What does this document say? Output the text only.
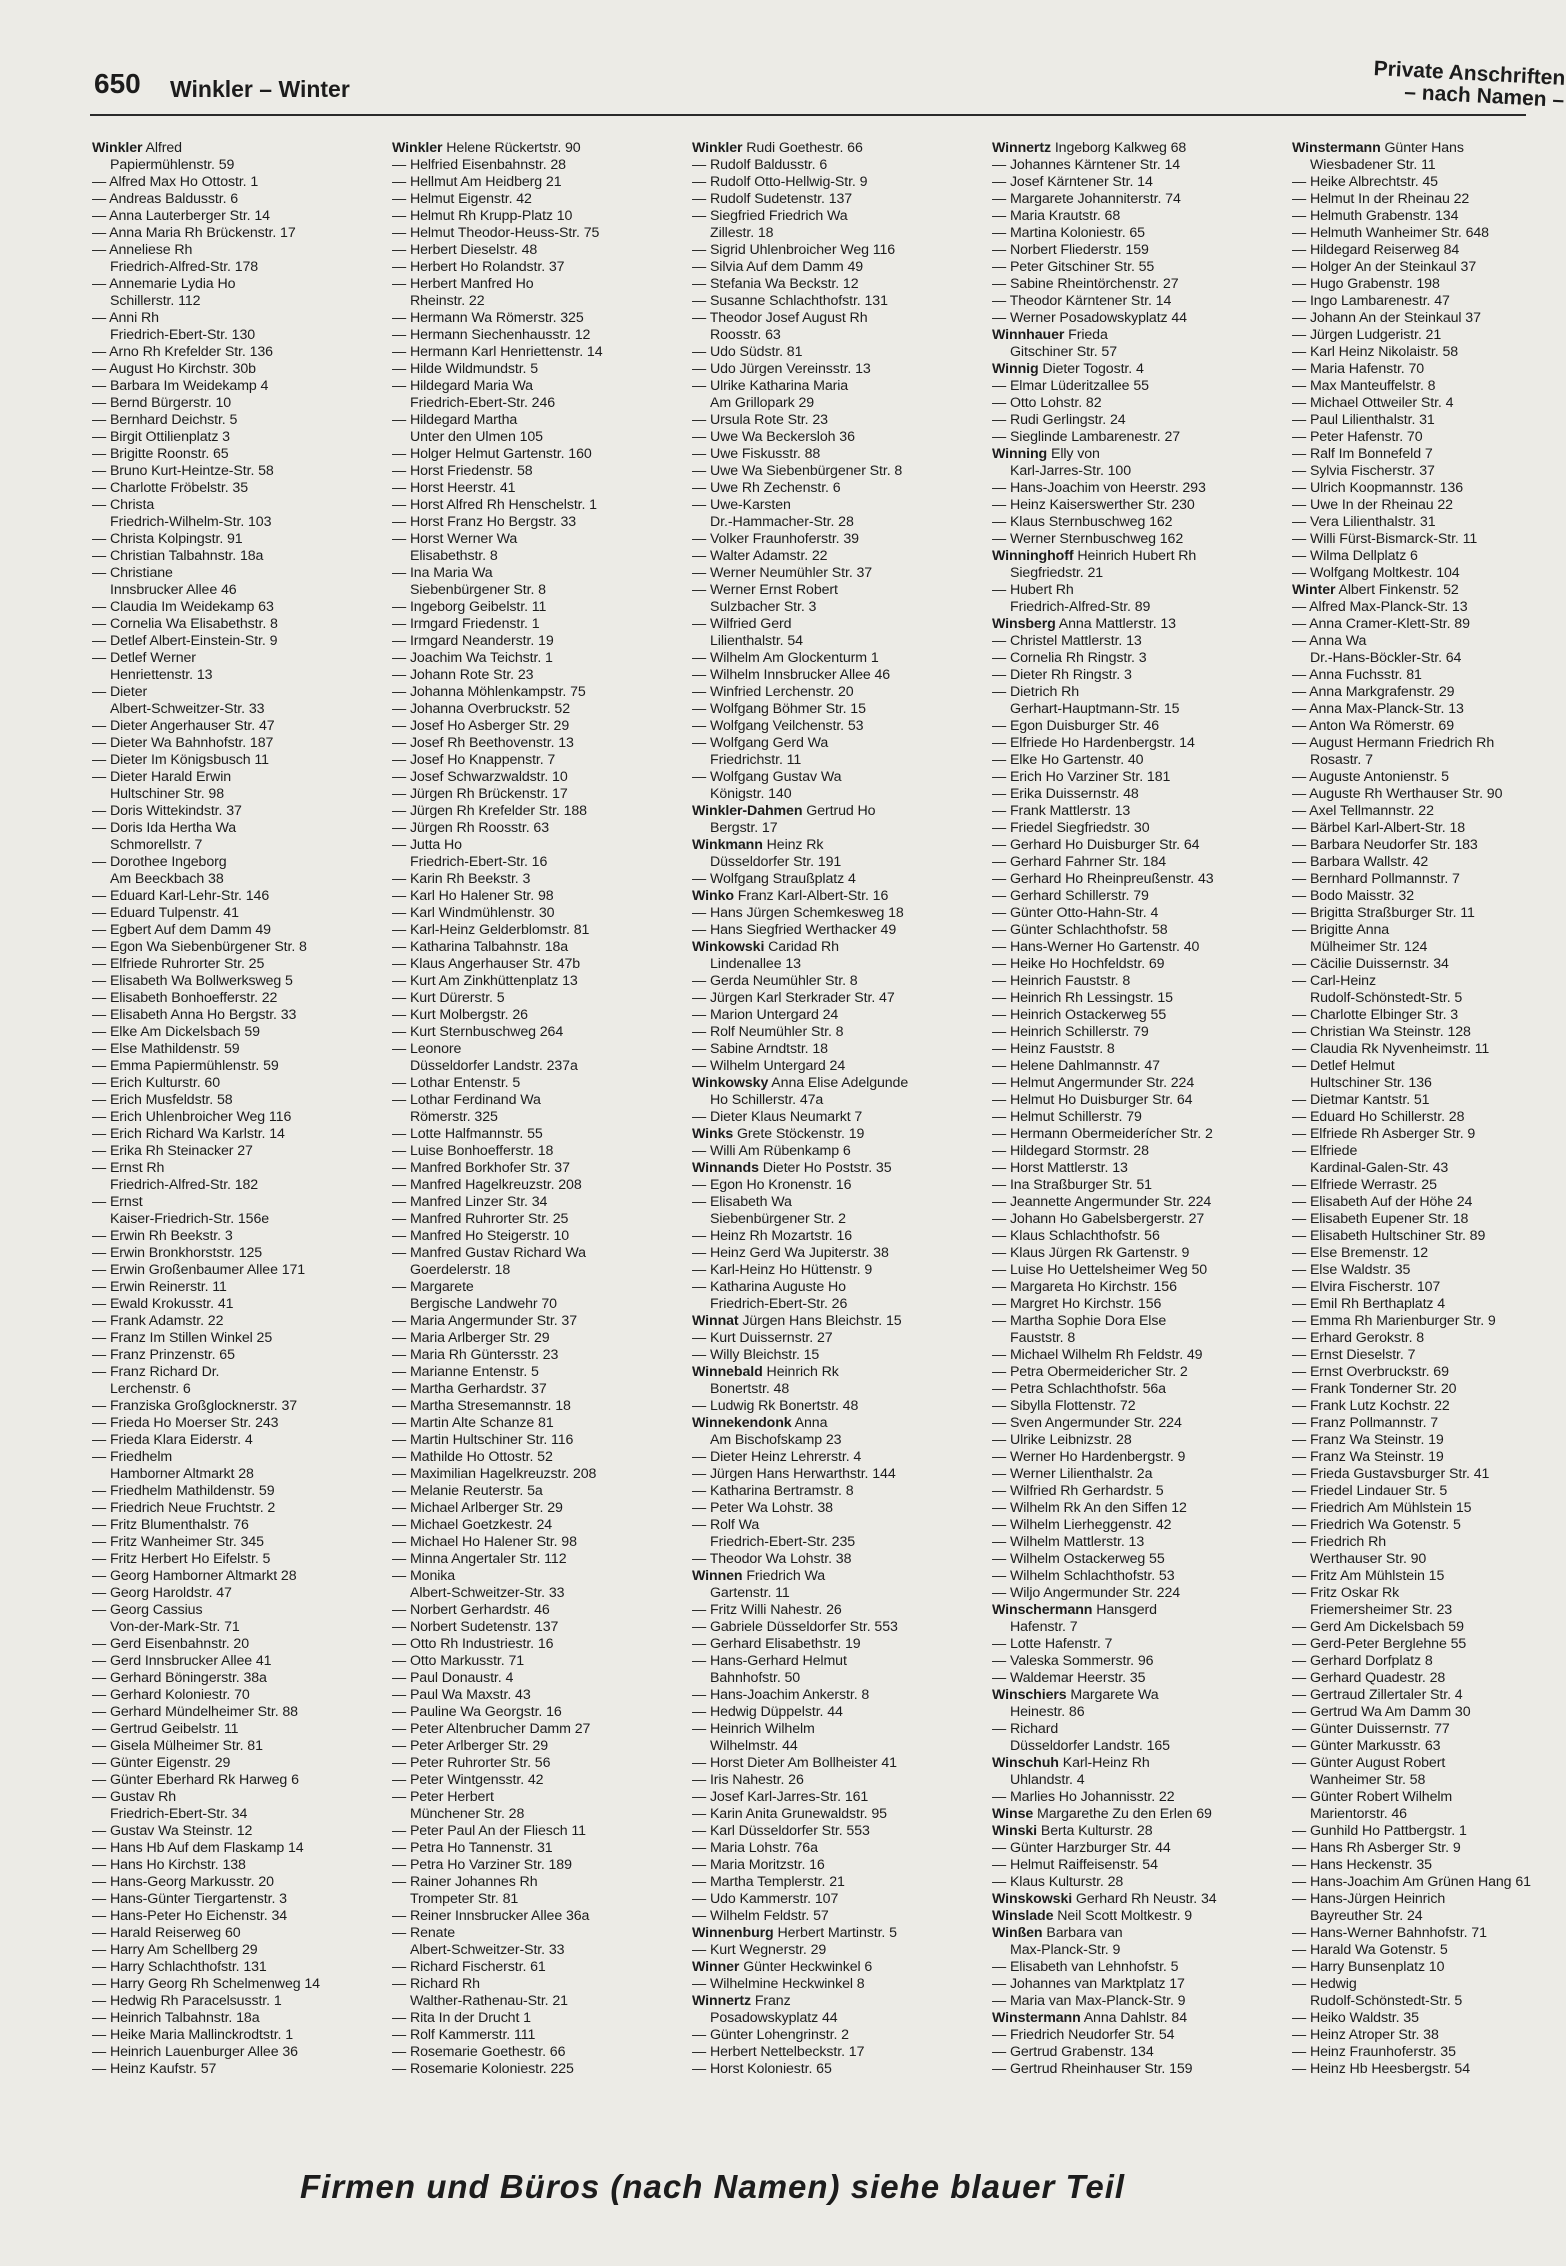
650 Winkler – Winter	Private Anschriften
– nach Namen –
Winkler Alfred
Papiermühlenstr. 59
— Alfred Max Ho Ottostr. 1
— Andreas Baldusstr. 6
— Anna Lauterberger Str. 14
— Anna Maria Rh Brückenstr. 17
— Anneliese Rh
Friedrich-Alfred-Str. 178
— Annemarie Lydia Ho
Schillerstr. 112
— Anni Rh
Friedrich-Ebert-Str. 130
— Arno Rh Krefelder Str. 136
— August Ho Kirchstr. 30b
— Barbara Im Weidekamp 4
— Bernd Bürgerstr. 10
— Bernhard Deichstr. 5
— Birgit Ottilienplatz 3
— Brigitte Roonstr. 65
— Bruno Kurt-Heintze-Str. 58
— Charlotte Fröbelstr. 35
— Christa
Friedrich-Wilhelm-Str. 103
— Christa Kolpingstr. 91
— Christian Talbahnstr. 18a
— Christiane
Innsbrucker Allee 46
— Claudia Im Weidekamp 63
— Cornelia Wa Elisabethstr. 8
— Detlef Albert-Einstein-Str. 9
— Detlef Werner
Henriettenstr. 13
— Dieter
Albert-Schweitzer-Str. 33
— Dieter Angerhauser Str. 47
— Dieter Wa Bahnhofstr. 187
— Dieter Im Königsbusch 11
— Dieter Harald Erwin
Hultschiner Str. 98
— Doris Wittekindstr. 37
— Doris Ida Hertha Wa
Schmorellstr. 7
— Dorothee Ingeborg
Am Beeckbach 38
— Eduard Karl-Lehr-Str. 146
— Eduard Tulpenstr. 41
— Egbert Auf dem Damm 49
— Egon Wa Siebenbürgener Str. 8
— Elfriede Ruhrorter Str. 25
— Elisabeth Wa Bollwerksweg 5
— Elisabeth Bonhoefferstr. 22
— Elisabeth Anna Ho Bergstr. 33
— Elke Am Dickelsbach 59
— Else Mathildenstr. 59
— Emma Papiermühlenstr. 59
— Erich Kulturstr. 60
— Erich Musfeldstr. 58
— Erich Uhlenbroicher Weg 116
— Erich Richard Wa Karlstr. 14
— Erika Rh Steinacker 27
— Ernst Rh
Friedrich-Alfred-Str. 182
— Ernst
Kaiser-Friedrich-Str. 156e
— Erwin Rh Beekstr. 3
— Erwin Bronkhorststr. 125
— Erwin Großenbaumer Allee 171
— Erwin Reinerstr. 11
— Ewald Krokusstr. 41
— Frank Adamstr. 22
— Franz Im Stillen Winkel 25
— Franz Prinzenstr. 65
— Franz Richard Dr.
Lerchenstr. 6
— Franziska Großglocknerstr. 37
— Frieda Ho Moerser Str. 243
— Frieda Klara Eiderstr. 4
— Friedhelm
Hamborner Altmarkt 28
— Friedhelm Mathildenstr. 59
— Friedrich Neue Fruchtstr. 2
— Fritz Blumenthalstr. 76
— Fritz Wanheimer Str. 345
— Fritz Herbert Ho Eifelstr. 5
— Georg Hamborner Altmarkt 28
— Georg Haroldstr. 47
— Georg Cassius
Von-der-Mark-Str. 71
— Gerd Eisenbahnstr. 20
— Gerd Innsbrucker Allee 41
— Gerhard Böningerstr. 38a
— Gerhard Koloniestr. 70
— Gerhard Mündelheimer Str. 88
— Gertrud Geibelstr. 11
— Gisela Mülheimer Str. 81
— Günter Eigenstr. 29
— Günter Eberhard Rk Harweg 6
— Gustav Rh
Friedrich-Ebert-Str. 34
— Gustav Wa Steinstr. 12
— Hans Hb Auf dem Flaskamp 14
— Hans Ho Kirchstr. 138
— Hans-Georg Markusstr. 20
— Hans-Günter Tiergartenstr. 3
— Hans-Peter Ho Eichenstr. 34
— Harald Reiserweg 60
— Harry Am Schellberg 29
— Harry Schlachthofstr. 131
— Harry Georg Rh Schelmenweg 14
— Hedwig Rh Paracelsusstr. 1
— Heinrich Talbahnstr. 18a
— Heike Maria Mallinckrodtstr. 1
— Heinrich Lauenburger Allee 36
— Heinz Kaufstr. 57
Winkler Helene Rückertstr. 90
— Helfried Eisenbahnstr. 28
— Hellmut Am Heidberg 21
— Helmut Eigenstr. 42
— Helmut Rh Krupp-Platz 10
— Helmut Theodor-Heuss-Str. 75
— Herbert Dieselstr. 48
— Herbert Ho Rolandstr. 37
— Herbert Manfred Ho
Rheinstr. 22
— Hermann Wa Römerstr. 325
— Hermann Siechenhausstr. 12
— Hermann Karl Henriettenstr. 14
— Hilde Wildmundstr. 5
— Hildegard Maria Wa
Friedrich-Ebert-Str. 246
— Hildegard Martha
Unter den Ulmen 105
— Holger Helmut Gartenstr. 160
— Horst Friedenstr. 58
— Horst Heerstr. 41
— Horst Alfred Rh Henschelstr. 1
— Horst Franz Ho Bergstr. 33
— Horst Werner Wa
Elisabethstr. 8
— Ina Maria Wa
Siebenbürgener Str. 8
— Ingeborg Geibelstr. 11
— Irmgard Friedenstr. 1
— Irmgard Neanderstr. 19
— Joachim Wa Teichstr. 1
— Johann Rote Str. 23
— Johanna Möhlenkampstr. 75
— Johanna Overbruckstr. 52
— Josef Ho Asberger Str. 29
— Josef Rh Beethovenstr. 13
— Josef Ho Knappenstr. 7
— Josef Schwarzwaldstr. 10
— Jürgen Rh Brückenstr. 17
— Jürgen Rh Krefelder Str. 188
— Jürgen Rh Roosstr. 63
— Jutta Ho
Friedrich-Ebert-Str. 16
— Karin Rh Beekstr. 3
— Karl Ho Halener Str. 98
— Karl Windmühlenstr. 30
— Karl-Heinz Gelderblomstr. 81
— Katharina Talbahnstr. 18a
— Klaus Angerhauser Str. 47b
— Kurt Am Zinkhüttenplatz 13
— Kurt Dürerstr. 5
— Kurt Molbergstr. 26
— Kurt Sternbuschweg 264
— Leonore
Düsseldorfer Landstr. 237a
— Lothar Entenstr. 5
— Lothar Ferdinand Wa
Römerstr. 325
— Lotte Halfmannstr. 55
— Luise Bonhoefferstr. 18
— Manfred Borkhofer Str. 37
— Manfred Hagelkreuzstr. 208
— Manfred Linzer Str. 34
— Manfred Ruhrorter Str. 25
— Manfred Ho Steigerstr. 10
— Manfred Gustav Richard Wa
Goerdelerstr. 18
— Margarete
Bergische Landwehr 70
— Maria Angermunder Str. 37
— Maria Arlberger Str. 29
— Maria Rh Güntersstr. 23
— Marianne Entenstr. 5
— Martha Gerhardstr. 37
— Martha Stresemannstr. 18
— Martin Alte Schanze 81
— Martin Hultschiner Str. 116
— Mathilde Ho Ottostr. 52
— Maximilian Hagelkreuzstr. 208
— Melanie Reuterstr. 5a
— Michael Arlberger Str. 29
— Michael Goetzkestr. 24
— Michael Ho Halener Str. 98
— Minna Angertaler Str. 112
— Monika
Albert-Schweitzer-Str. 33
— Norbert Gerhardstr. 46
— Norbert Sudetenstr. 137
— Otto Rh Industriestr. 16
— Otto Markusstr. 71
— Paul Donaustr. 4
— Paul Wa Maxstr. 43
— Pauline Wa Georgstr. 16
— Peter Altenbrucher Damm 27
— Peter Arlberger Str. 29
— Peter Ruhrorter Str. 56
— Peter Wintgensstr. 42
— Peter Herbert
Münchener Str. 28
— Peter Paul An der Fliesch 11
— Petra Ho Tannenstr. 31
— Petra Ho Varziner Str. 189
— Rainer Johannes Rh
Trompeter Str. 81
— Reiner Innsbrucker Allee 36a
— Renate
Albert-Schweitzer-Str. 33
— Richard Fischerstr. 61
— Richard Rh
Walther-Rathenau-Str. 21
— Rita In der Drucht 1
— Rolf Kammerstr. 111
— Rosemarie Goethestr. 66
— Rosemarie Koloniestr. 225
Winkler Rudi Goethestr. 66
— Rudolf Baldusstr. 6
— Rudolf Otto-Hellwig-Str. 9
— Rudolf Sudetenstr. 137
— Siegfried Friedrich Wa
Zillestr. 18
— Sigrid Uhlenbroicher Weg 116
— Silvia Auf dem Damm 49
— Stefania Wa Beckstr. 12
— Susanne Schlachthofstr. 131
— Theodor Josef August Rh
Roosstr. 63
— Udo Südstr. 81
— Udo Jürgen Vereinsstr. 13
— Ulrike Katharina Maria
Am Grillopark 29
— Ursula Rote Str. 23
— Uwe Wa Beckersloh 36
— Uwe Fiskusstr. 88
— Uwe Wa Siebenbürgener Str. 8
— Uwe Rh Zechenstr. 6
— Uwe-Karsten
Dr.-Hammacher-Str. 28
— Volker Fraunhoferstr. 39
— Walter Adamstr. 22
— Werner Neumühler Str. 37
— Werner Ernst Robert
Sulzbacher Str. 3
— Wilfried Gerd
Lilienthalstr. 54
— Wilhelm Am Glockenturm 1
— Wilhelm Innsbrucker Allee 46
— Winfried Lerchenstr. 20
— Wolfgang Böhmer Str. 15
— Wolfgang Veilchenstr. 53
— Wolfgang Gerd Wa
Friedrichstr. 11
— Wolfgang Gustav Wa
Königstr. 140
Winkler-Dahmen Gertrud Ho
Bergstr. 17
Winkmann Heinz Rk
Düsseldorfer Str. 191
— Wolfgang Straußplatz 4
Winko Franz Karl-Albert-Str. 16
— Hans Jürgen Schemkesweg 18
— Hans Siegfried Werthacker 49
Winkowski Caridad Rh
Lindenallee 13
— Gerda Neumühler Str. 8
— Jürgen Karl Sterkrader Str. 47
— Marion Untergard 24
— Rolf Neumühler Str. 8
— Sabine Arndtstr. 18
— Wilhelm Untergard 24
Winkowsky Anna Elise Adelgunde
Ho Schillerstr. 47a
— Dieter Klaus Neumarkt 7
Winks Grete Stöckenstr. 19
— Willi Am Rübenkamp 6
Winnands Dieter Ho Poststr. 35
— Egon Ho Kronenstr. 16
— Elisabeth Wa
Siebenbürgener Str. 2
— Heinz Rh Mozartstr. 16
— Heinz Gerd Wa Jupiterstr. 38
— Karl-Heinz Ho Hüttenstr. 9
— Katharina Auguste Ho
Friedrich-Ebert-Str. 26
Winnat Jürgen Hans Bleichstr. 15
— Kurt Duissernstr. 27
— Willy Bleichstr. 15
Winnebald Heinrich Rk
Bonertstr. 48
— Ludwig Rk Bonertstr. 48
Winnekendonk Anna
Am Bischofskamp 23
— Dieter Heinz Lehrerstr. 4
— Jürgen Hans Herwarthstr. 144
— Katharina Bertramstr. 8
— Peter Wa Lohstr. 38
— Rolf Wa
Friedrich-Ebert-Str. 235
— Theodor Wa Lohstr. 38
Winnen Friedrich Wa
Gartenstr. 11
— Fritz Willi Nahestr. 26
— Gabriele Düsseldorfer Str. 553
— Gerhard Elisabethstr. 19
— Hans-Gerhard Helmut
Bahnhofstr. 50
— Hans-Joachim Ankerstr. 8
— Hedwig Düppelstr. 44
— Heinrich Wilhelm
Wilhelmstr. 44
— Horst Dieter Am Bollheister 41
— Iris Nahestr. 26
— Josef Karl-Jarres-Str. 161
— Karin Anita Grunewaldstr. 95
— Karl Düsseldorfer Str. 553
— Maria Lohstr. 76a
— Maria Moritzstr. 16
— Martha Templerstr. 21
— Udo Kammerstr. 107
— Wilhelm Feldstr. 57
Winnenburg Herbert Martinstr. 5
— Kurt Wegnerstr. 29
Winner Günter Heckwinkel 6
— Wilhelmine Heckwinkel 8
Winnertz Franz
Posadowskyplatz 44
— Günter Lohengrinstr. 2
— Herbert Nettelbeckstr. 17
— Horst Koloniestr. 65
Winnertz Ingeborg Kalkweg 68
— Johannes Kärntener Str. 14
— Josef Kärntener Str. 14
— Margarete Johanniterstr. 74
— Maria Krautstr. 68
— Martina Koloniestr. 65
— Norbert Fliederstr. 159
— Peter Gitschiner Str. 55
— Sabine Rheintörchenstr. 27
— Theodor Kärntener Str. 14
— Werner Posadowskyplatz 44
Winnhauer Frieda
Gitschiner Str. 57
Winnig Dieter Togostr. 4
— Elmar Lüderitzallee 55
— Otto Lohstr. 82
— Rudi Gerlingstr. 24
— Sieglinde Lambarenestr. 27
Winning Elly von
Karl-Jarres-Str. 100
— Hans-Joachim von Heerstr. 293
— Heinz Kaiserswerther Str. 230
— Klaus Sternbuschweg 162
— Werner Sternbuschweg 162
Winninghoff Heinrich Hubert Rh
Siegfriedstr. 21
— Hubert Rh
Friedrich-Alfred-Str. 89
Winsberg Anna Mattlerstr. 13
— Christel Mattlerstr. 13
— Cornelia Rh Ringstr. 3
— Dieter Rh Ringstr. 3
— Dietrich Rh
Gerhart-Hauptmann-Str. 15
— Egon Duisburger Str. 46
— Elfriede Ho Hardenbergstr. 14
— Elke Ho Gartenstr. 40
— Erich Ho Varziner Str. 181
— Erika Duissernstr. 48
— Frank Mattlerstr. 13
— Friedel Siegfriedstr. 30
— Gerhard Ho Duisburger Str. 64
— Gerhard Fahrner Str. 184
— Gerhard Ho Rheinpreußenstr. 43
— Gerhard Schillerstr. 79
— Günter Otto-Hahn-Str. 4
— Günter Schlachthofstr. 58
— Hans-Werner Ho Gartenstr. 40
— Heike Ho Hochfeldstr. 69
— Heinrich Fauststr. 8
— Heinrich Rh Lessingstr. 15
— Heinrich Ostackerweg 55
— Heinrich Schillerstr. 79
— Heinz Fauststr. 8
— Helene Dahlmannstr. 47
— Helmut Angermunder Str. 224
— Helmut Ho Duisburger Str. 64
— Helmut Schillerstr. 79
— Hermann Obermeiderícher Str. 2
— Hildegard Stormstr. 28
— Horst Mattlerstr. 13
— Ina Straßburger Str. 51
— Jeannette Angermunder Str. 224
— Johann Ho Gabelsbergerstr. 27
— Klaus Schlachthofstr. 56
— Klaus Jürgen Rk Gartenstr. 9
— Luise Ho Uettelsheimer Weg 50
— Margareta Ho Kirchstr. 156
— Margret Ho Kirchstr. 156
— Martha Sophie Dora Else
Fauststr. 8
— Michael Wilhelm Rh Feldstr. 49
— Petra Obermeidericher Str. 2
— Petra Schlachthofstr. 56a
— Sibylla Flottenstr. 72
— Sven Angermunder Str. 224
— Ulrike Leibnizstr. 28
— Werner Ho Hardenbergstr. 9
— Werner Lilienthalstr. 2a
— Wilfried Rh Gerhardstr. 5
— Wilhelm Rk An den Siffen 12
— Wilhelm Lierheggenstr. 42
— Wilhelm Mattlerstr. 13
— Wilhelm Ostackerweg 55
— Wilhelm Schlachthofstr. 53
— Wiljo Angermunder Str. 224
Winschermann Hansgerd
Hafenstr. 7
— Lotte Hafenstr. 7
— Valeska Sommerstr. 96
— Waldemar Heerstr. 35
Winschiers Margarete Wa
Heinestr. 86
— Richard
Düsseldorfer Landstr. 165
Winschuh Karl-Heinz Rh
Uhlandstr. 4
— Marlies Ho Johannisstr. 22
Winse Margarethe Zu den Erlen 69
Winski Berta Kulturstr. 28
— Günter Harzburger Str. 44
— Helmut Raiffeisenstr. 54
— Klaus Kulturstr. 28
Winskowski Gerhard Rh Neustr. 34
Winslade Neil Scott Moltkestr. 9
Winßen Barbara van
Max-Planck-Str. 9
— Elisabeth van Lehnhofstr. 5
— Johannes van Marktplatz 17
— Maria van Max-Planck-Str. 9
Winstermann Anna Dahlstr. 84
— Friedrich Neudorfer Str. 54
— Gertrud Grabenstr. 134
— Gertrud Rheinhauser Str. 159
Winstermann Günter Hans
Wiesbadener Str. 11
— Heike Albrechtstr. 45
— Helmut In der Rheinau 22
— Helmuth Grabenstr. 134
— Helmuth Wanheimer Str. 648
— Hildegard Reiserweg 84
— Holger An der Steinkaul 37
— Hugo Grabenstr. 198
— Ingo Lambarenestr. 47
— Johann An der Steinkaul 37
— Jürgen Ludgeristr. 21
— Karl Heinz Nikolaistr. 58
— Maria Hafenstr. 70
— Max Manteuffelstr. 8
— Michael Ottweiler Str. 4
— Paul Lilienthalstr. 31
— Peter Hafenstr. 70
— Ralf Im Bonnefeld 7
— Sylvia Fischerstr. 37
— Ulrich Koopmannstr. 136
— Uwe In der Rheinau 22
— Vera Lilienthalstr. 31
— Willi Fürst-Bismarck-Str. 11
— Wilma Dellplatz 6
— Wolfgang Moltkestr. 104
Winter Albert Finkenstr. 52
— Alfred Max-Planck-Str. 13
— Anna Cramer-Klett-Str. 89
— Anna Wa
Dr.-Hans-Böckler-Str. 64
— Anna Fuchsstr. 81
— Anna Markgrafenstr. 29
— Anna Max-Planck-Str. 13
— Anton Wa Römerstr. 69
— August Hermann Friedrich Rh
Rosastr. 7
— Auguste Antonienstr. 5
— Auguste Rh Werthauser Str. 90
— Axel Tellmannstr. 22
— Bärbel Karl-Albert-Str. 18
— Barbara Neudorfer Str. 183
— Barbara Wallstr. 42
— Bernhard Pollmannstr. 7
— Bodo Maisstr. 32
— Brigitta Straßburger Str. 11
— Brigitte Anna
Mülheimer Str. 124
— Cäcilie Duissernstr. 34
— Carl-Heinz
Rudolf-Schönstedt-Str. 5
— Charlotte Elbinger Str. 3
— Christian Wa Steinstr. 128
— Claudia Rk Nyvenheimstr. 11
— Detlef Helmut
Hultschiner Str. 136
— Dietmar Kantstr. 51
— Eduard Ho Schillerstr. 28
— Elfriede Rh Asberger Str. 9
— Elfriede
Kardinal-Galen-Str. 43
— Elfriede Werrastr. 25
— Elisabeth Auf der Höhe 24
— Elisabeth Eupener Str. 18
— Elisabeth Hultschiner Str. 89
— Else Bremenstr. 12
— Else Waldstr. 35
— Elvira Fischerstr. 107
— Emil Rh Berthaplatz 4
— Emma Rh Marienburger Str. 9
— Erhard Gerokstr. 8
— Ernst Dieselstr. 7
— Ernst Overbruckstr. 69
— Frank Tonderner Str. 20
— Frank Lutz Kochstr. 22
— Franz Pollmannstr. 7
— Franz Wa Steinstr. 19
— Franz Wa Steinstr. 19
— Frieda Gustavsburger Str. 41
— Friedel Lindauer Str. 5
— Friedrich Am Mühlstein 15
— Friedrich Wa Gotenstr. 5
— Friedrich Rh
Werthauser Str. 90
— Fritz Am Mühlstein 15
— Fritz Oskar Rk
Friemersheimer Str. 23
— Gerd Am Dickelsbach 59
— Gerd-Peter Berglehne 55
— Gerhard Dorfplatz 8
— Gerhard Quadestr. 28
— Gertraud Zillertaler Str. 4
— Gertrud Wa Am Damm 30
— Günter Duissernstr. 77
— Günter Markusstr. 63
— Günter August Robert
Wanheimer Str. 58
— Günter Robert Wilhelm
Marientorstr. 46
— Gunhild Ho Pattbergstr. 1
— Hans Rh Asberger Str. 9
— Hans Heckenstr. 35
— Hans-Joachim Am Grünen Hang 61
— Hans-Jürgen Heinrich
Bayreuther Str. 24
— Hans-Werner Bahnhofstr. 71
— Harald Wa Gotenstr. 5
— Harry Bunsenplatz 10
— Hedwig
Rudolf-Schönstedt-Str. 5
— Heiko Waldstr. 35
— Heinz Atroper Str. 38
— Heinz Fraunhoferstr. 35
— Heinz Hb Heesbergstr. 54
Firmen und Büros (nach Namen) siehe blauer Teil
